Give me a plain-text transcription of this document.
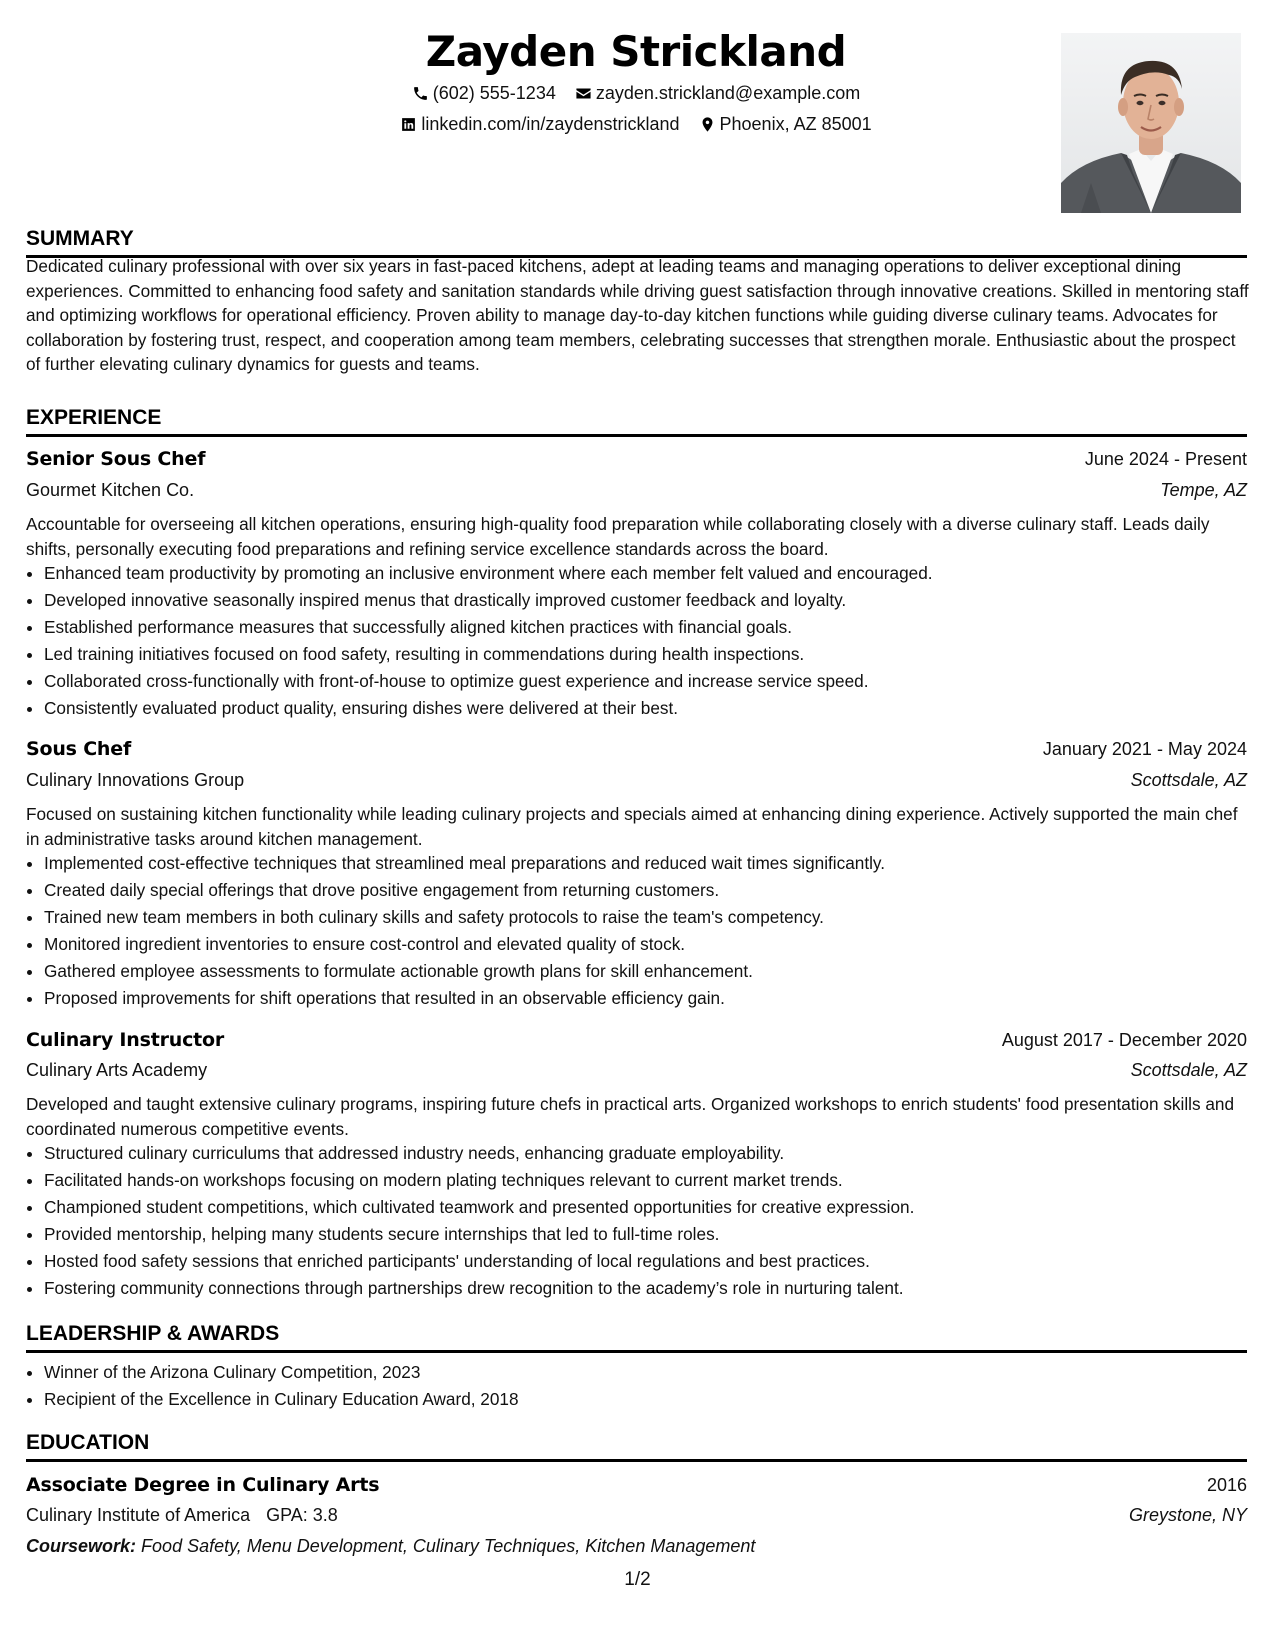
Zayden Strickland
(602) 555-1234
zayden.strickland@example.com
linkedin.com/in/zaydenstrickland
Phoenix, AZ 85001
SUMMARY
Dedicated culinary professional with over six years in fast-paced kitchens, adept at leading teams and managing operations to deliver exceptional dining experiences. Committed to enhancing food safety and sanitation standards while driving guest satisfaction through innovative creations. Skilled in mentoring staff and optimizing workflows for operational efficiency. Proven ability to manage day-to-day kitchen functions while guiding diverse culinary teams. Advocates for collaboration by fostering trust, respect, and cooperation among team members, celebrating successes that strengthen morale. Enthusiastic about the prospect of further elevating culinary dynamics for guests and teams.
EXPERIENCE
Senior Sous Chef	June 2024 - Present
Gourmet Kitchen Co.	Tempe, AZ
Accountable for overseeing all kitchen operations, ensuring high-quality food preparation while collaborating closely with a diverse culinary staff. Leads daily shifts, personally executing food preparations and refining service excellence standards across the board.
• Enhanced team productivity by promoting an inclusive environment where each member felt valued and encouraged.
• Developed innovative seasonally inspired menus that drastically improved customer feedback and loyalty.
• Established performance measures that successfully aligned kitchen practices with financial goals.
• Led training initiatives focused on food safety, resulting in commendations during health inspections.
• Collaborated cross-functionally with front-of-house to optimize guest experience and increase service speed.
• Consistently evaluated product quality, ensuring dishes were delivered at their best.
Sous Chef	January 2021 - May 2024
Culinary Innovations Group	Scottsdale, AZ
Focused on sustaining kitchen functionality while leading culinary projects and specials aimed at enhancing dining experience. Actively supported the main chef in administrative tasks around kitchen management.
• Implemented cost-effective techniques that streamlined meal preparations and reduced wait times significantly.
• Created daily special offerings that drove positive engagement from returning customers.
• Trained new team members in both culinary skills and safety protocols to raise the team's competency.
• Monitored ingredient inventories to ensure cost-control and elevated quality of stock.
• Gathered employee assessments to formulate actionable growth plans for skill enhancement.
• Proposed improvements for shift operations that resulted in an observable efficiency gain.
Culinary Instructor	August 2017 - December 2020
Culinary Arts Academy	Scottsdale, AZ
Developed and taught extensive culinary programs, inspiring future chefs in practical arts. Organized workshops to enrich students' food presentation skills and coordinated numerous competitive events.
• Structured culinary curriculums that addressed industry needs, enhancing graduate employability.
• Facilitated hands-on workshops focusing on modern plating techniques relevant to current market trends.
• Championed student competitions, which cultivated teamwork and presented opportunities for creative expression.
• Provided mentorship, helping many students secure internships that led to full-time roles.
• Hosted food safety sessions that enriched participants' understanding of local regulations and best practices.
• Fostering community connections through partnerships drew recognition to the academy’s role in nurturing talent.
LEADERSHIP & AWARDS
• Winner of the Arizona Culinary Competition, 2023
• Recipient of the Excellence in Culinary Education Award, 2018
EDUCATION
Associate Degree in Culinary Arts	2016
Culinary Institute of America GPA: 3.8	Greystone, NY
Coursework: Food Safety, Menu Development, Culinary Techniques, Kitchen Management
1/2
